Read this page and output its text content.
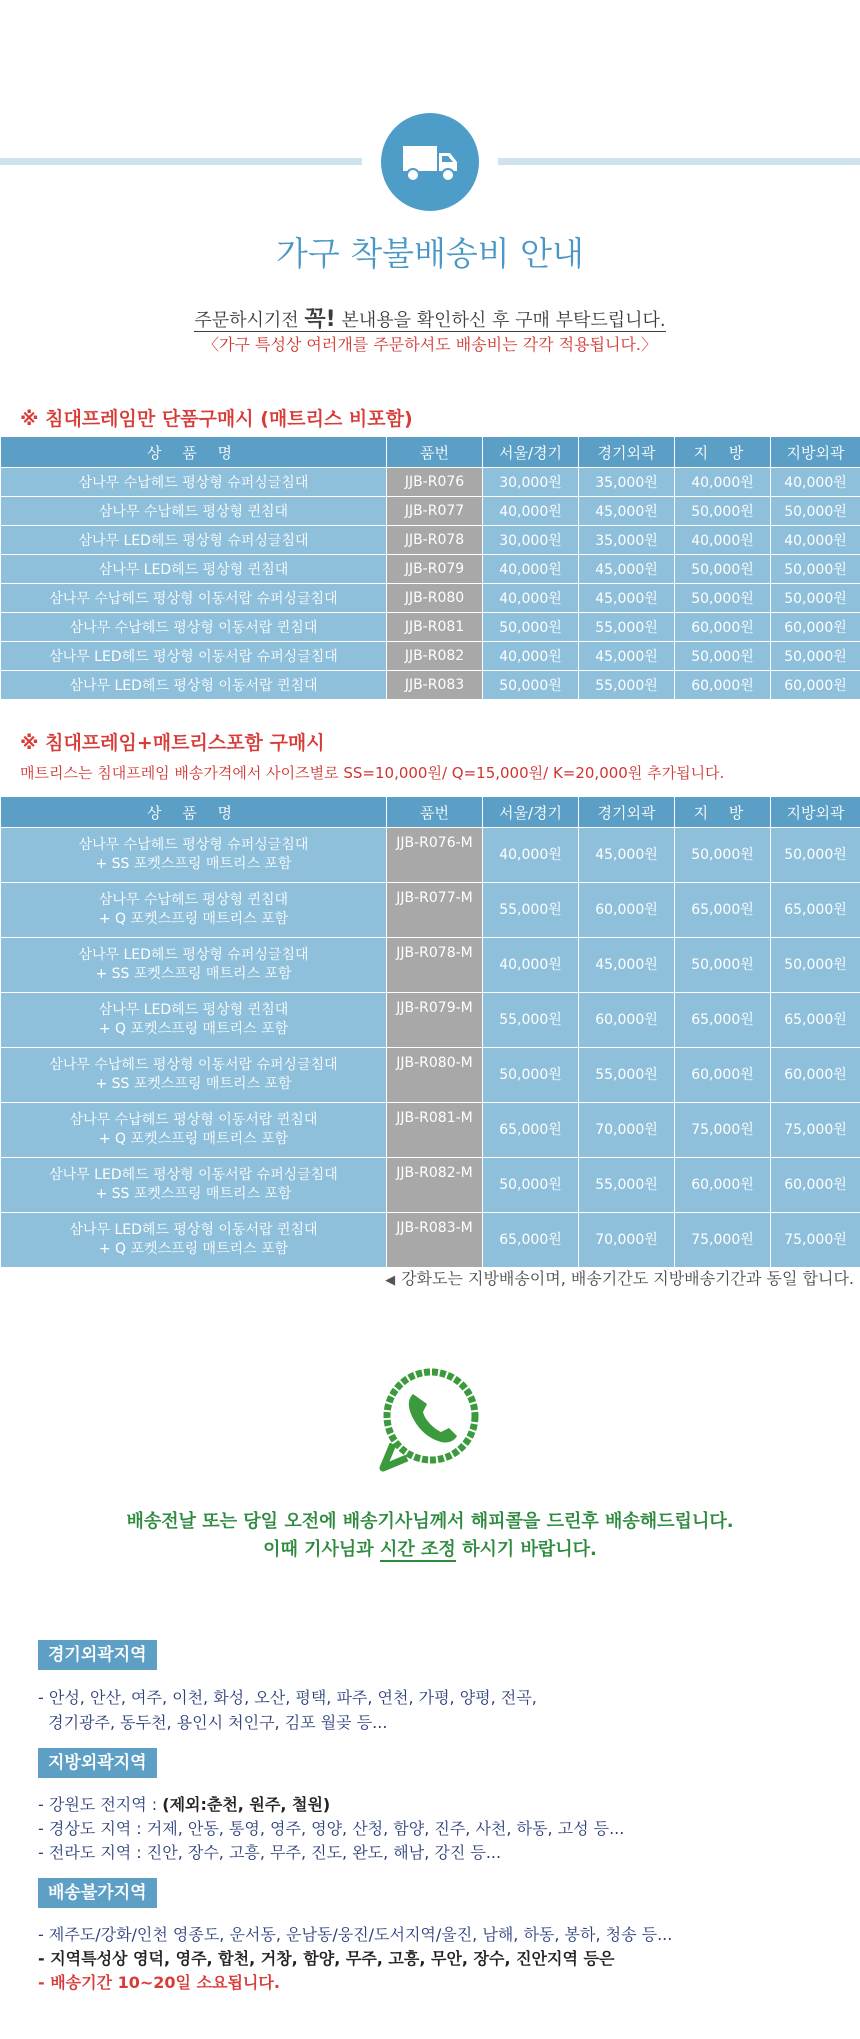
가구 착불배송비 안내
주문하시기전 꼭! 본내용을 확인하신 후 구매 부탁드립니다.
〈가구 특성상 여러개를 주문하셔도 배송비는 각각 적용됩니다.〉
※ 침대프레임만 단품구매시 (매트리스 비포함)
상 품 명	품번	서울/경기	경기외곽	지 방	지방외곽
삼나무 수납헤드 평상형 슈퍼싱글침대	JJB-R076	30,000원	35,000원	40,000원	40,000원
삼나무 수납헤드 평상형 퀸침대	JJB-R077	40,000원	45,000원	50,000원	50,000원
삼나무 LED헤드 평상형 슈퍼싱글침대	JJB-R078	30,000원	35,000원	40,000원	40,000원
삼나무 LED헤드 평상형 퀸침대	JJB-R079	40,000원	45,000원	50,000원	50,000원
삼나무 수납헤드 평상형 이동서랍 슈퍼싱글침대	JJB-R080	40,000원	45,000원	50,000원	50,000원
삼나무 수납헤드 평상형 이동서랍 퀸침대	JJB-R081	50,000원	55,000원	60,000원	60,000원
삼나무 LED헤드 평상형 이동서랍 슈퍼싱글침대	JJB-R082	40,000원	45,000원	50,000원	50,000원
삼나무 LED헤드 평상형 이동서랍 퀸침대	JJB-R083	50,000원	55,000원	60,000원	60,000원
※ 침대프레임+매트리스포함 구매시
매트리스는 침대프레임 배송가격에서 사이즈별로 SS=10,000원/ Q=15,000원/ K=20,000원 추가됩니다.
상 품 명	품번	서울/경기	경기외곽	지 방	지방외곽

삼나무 수납헤드 평상형 슈퍼싱글침대
+ SS 포켓스프링 매트리스 포함	JJB-R076-M	40,000원	45,000원	50,000원	50,000원

삼나무 수납헤드 평상형 퀸침대
+ Q 포켓스프링 매트리스 포함	JJB-R077-M	55,000원	60,000원	65,000원	65,000원

삼나무 LED헤드 평상형 슈퍼싱글침대
+ SS 포켓스프링 매트리스 포함	JJB-R078-M	40,000원	45,000원	50,000원	50,000원

삼나무 LED헤드 평상형 퀸침대
+ Q 포켓스프링 매트리스 포함	JJB-R079-M	55,000원	60,000원	65,000원	65,000원

삼나무 수납헤드 평상형 이동서랍 슈퍼싱글침대
+ SS 포켓스프링 매트리스 포함	JJB-R080-M	50,000원	55,000원	60,000원	60,000원

삼나무 수납헤드 평상형 이동서랍 퀸침대
+ Q 포켓스프링 매트리스 포함	JJB-R081-M	65,000원	70,000원	75,000원	75,000원

삼나무 LED헤드 평상형 이동서랍 슈퍼싱글침대
+ SS 포켓스프링 매트리스 포함	JJB-R082-M	50,000원	55,000원	60,000원	60,000원

삼나무 LED헤드 평상형 이동서랍 퀸침대
+ Q 포켓스프링 매트리스 포함	JJB-R083-M	65,000원	70,000원	75,000원	75,000원
◀ 강화도는 지방배송이며, 배송기간도 지방배송기간과 동일 합니다.
배송전날 또는 당일 오전에 배송기사님께서 해피콜을 드린후 배송해드립니다.
이때 기사님과 시간 조정 하시기 바랍니다.
경기외곽지역
- 안성, 안산, 여주, 이천, 화성, 오산, 평택, 파주, 연천, 가평, 양평, 전곡,
경기광주, 동두천, 용인시 처인구, 김포 월곶 등...
지방외곽지역
- 강원도 전지역 : (제외:춘천, 원주, 철원)
- 경상도 지역 : 거제, 안동, 통영, 영주, 영양, 산청, 함양, 진주, 사천, 하동, 고성 등...
- 전라도 지역 : 진안, 장수, 고흥, 무주, 진도, 완도, 해남, 강진 등...
배송불가지역
- 제주도/강화/인천 영종도, 운서동, 운남동/웅진/도서지역/울진, 남해, 하동, 봉하, 청송 등...
- 지역특성상 영덕, 영주, 합천, 거창, 함양, 무주, 고흥, 무안, 장수, 진안지역 등은
- 배송기간 10~20일 소요됩니다.
